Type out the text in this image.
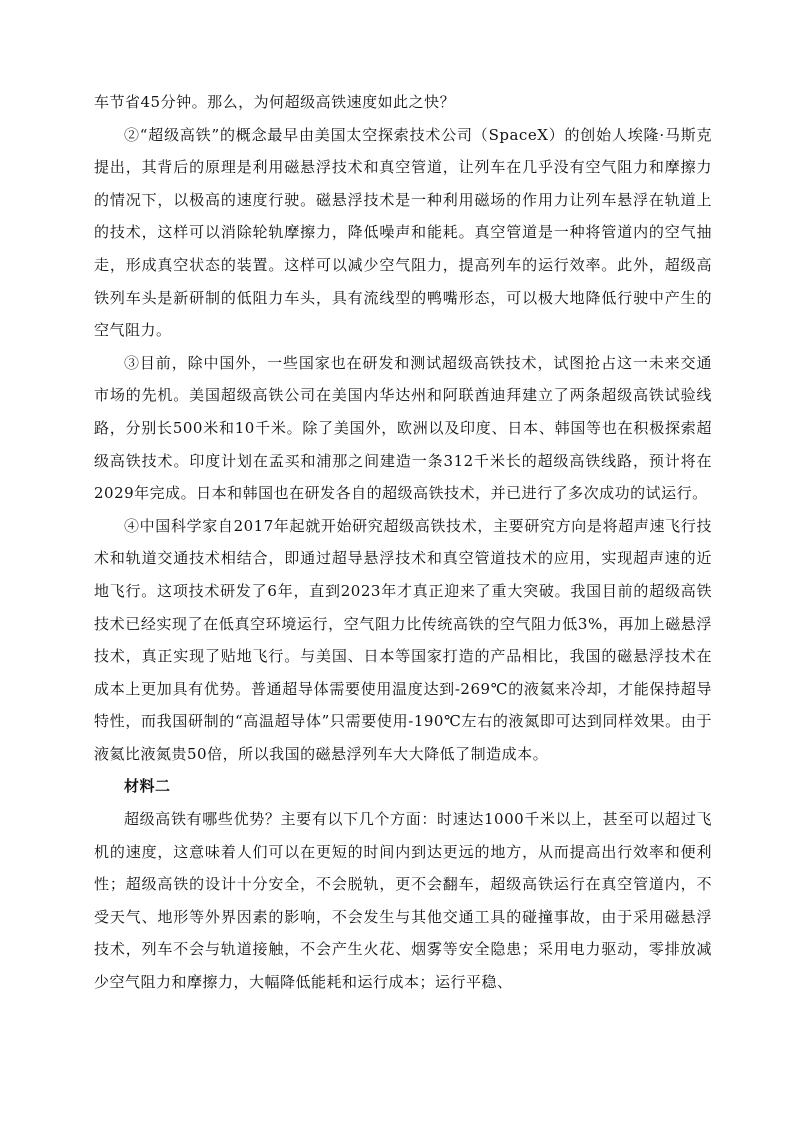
车节省45分钟。那么，为何超级高铁速度如此之快？

②“超级高铁”的概念最早由美国太空探索技术公司（SpaceX）的创始人埃隆·马斯克提出，其背后的原理是利用磁悬浮技术和真空管道，让列车在几乎没有空气阻力和摩擦力的情况下，以极高的速度行驶。磁悬浮技术是一种利用磁场的作用力让列车悬浮在轨道上的技术，这样可以消除轮轨摩擦力，降低噪声和能耗。真空管道是一种将管道内的空气抽走，形成真空状态的装置。这样可以减少空气阻力，提高列车的运行效率。此外，超级高铁列车头是新研制的低阻力车头，具有流线型的鸭嘴形态，可以极大地降低行驶中产生的空气阻力。

③目前，除中国外，一些国家也在研发和测试超级高铁技术，试图抢占这一未来交通市场的先机。美国超级高铁公司在美国内华达州和阿联酋迪拜建立了两条超级高铁试验线路，分别长500米和10千米。除了美国外，欧洲以及印度、日本、韩国等也在积极探索超级高铁技术。印度计划在孟买和浦那之间建造一条312千米长的超级高铁线路，预计将在2029年完成。日本和韩国也在研发各自的超级高铁技术，并已进行了多次成功的试运行。

④中国科学家自2017年起就开始研究超级高铁技术，主要研究方向是将超声速飞行技术和轨道交通技术相结合，即通过超导悬浮技术和真空管道技术的应用，实现超声速的近地飞行。这项技术研发了6年，直到2023年才真正迎来了重大突破。我国目前的超级高铁技术已经实现了在低真空环境运行，空气阻力比传统高铁的空气阻力低3%，再加上磁悬浮技术，真正实现了贴地飞行。与美国、日本等国家打造的产品相比，我国的磁悬浮技术在成本上更加具有优势。普通超导体需要使用温度达到-269℃的液氦来冷却，才能保持超导特性，而我国研制的“高温超导体”只需要使用-190℃左右的液氮即可达到同样效果。由于液氦比液氮贵50倍，所以我国的磁悬浮列车大大降低了制造成本。

材料二

超级高铁有哪些优势？主要有以下几个方面：时速达1000千米以上，甚至可以超过飞机的速度，这意味着人们可以在更短的时间内到达更远的地方，从而提高出行效率和便利性；超级高铁的设计十分安全，不会脱轨，更不会翻车，超级高铁运行在真空管道内，不受天气、地形等外界因素的影响，不会发生与其他交通工具的碰撞事故，由于采用磁悬浮技术，列车不会与轨道接触，不会产生火花、烟雾等安全隐患；采用电力驱动，零排放减少空气阻力和摩擦力，大幅降低能耗和运行成本；运行平稳、
